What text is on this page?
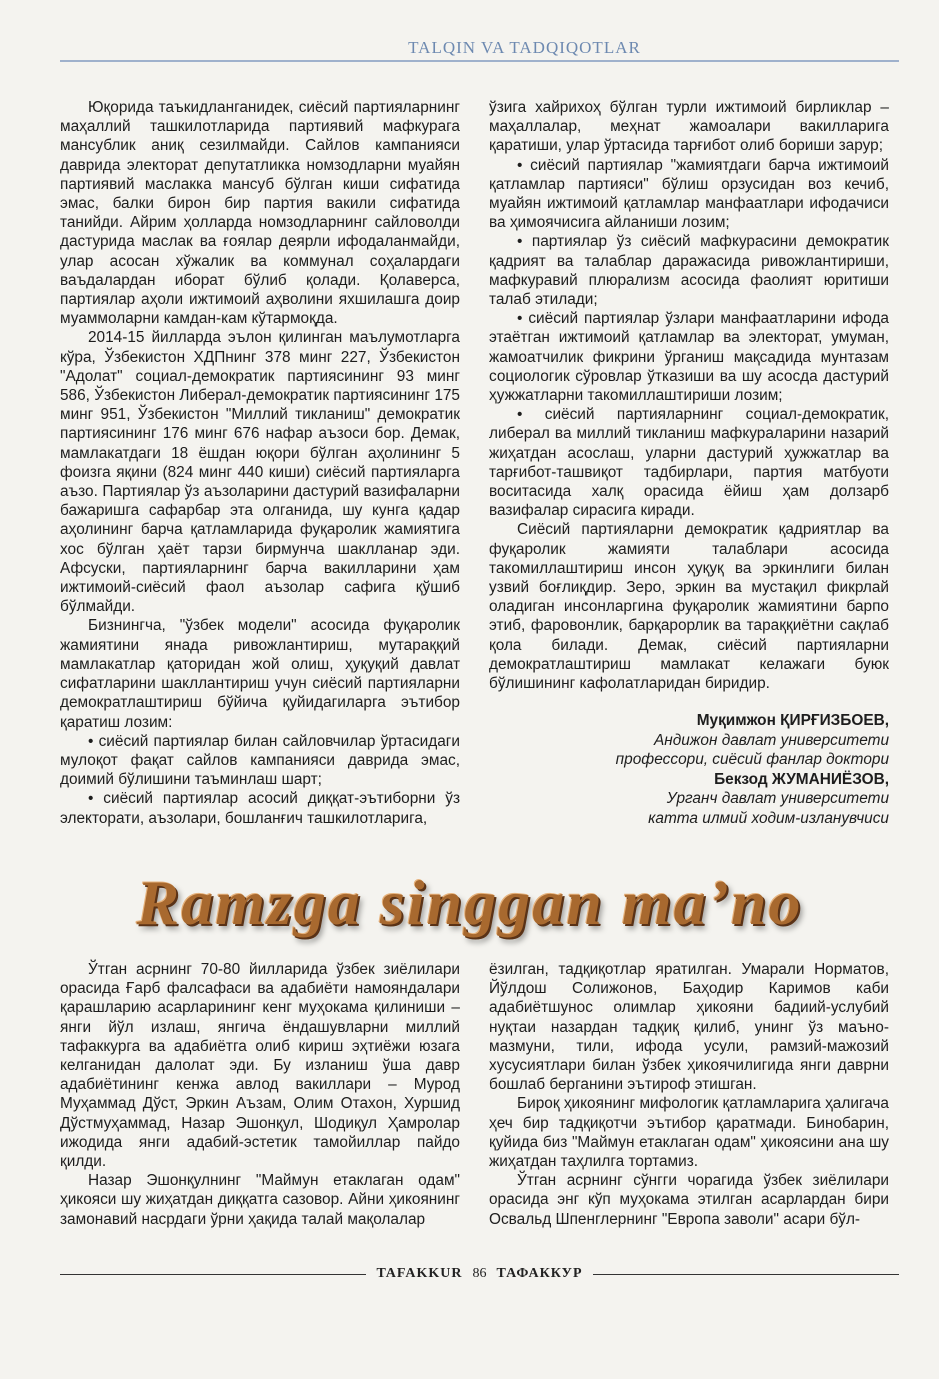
TALQIN VA TADQIQOTLAR

Юқорида таъкидланганидек, сиёсий партияларнинг маҳаллий ташкилотларида партиявий мафкурага мансублик аниқ сезилмайди. Сайлов кампанияси даврида электорат депутатликка номзодларни муайян партиявий маслакка мансуб бўлган киши сифатида эмас, балки бирон бир партия вакили сифатида танийди. Айрим ҳолларда номзодларнинг сайловолди дастурида маслак ва ғоялар деярли ифодаланмайди, улар асосан хўжалик ва коммунал соҳалардаги ваъдалардан иборат бўлиб қолади. Қолаверса, партиялар аҳоли ижтимоий аҳволини яхшилашга доир муаммоларни камдан-кам кўтармоқда.

2014-15 йилларда эълон қилинган маълумотларга кўра, Ўзбекистон ХДПнинг 378 минг 227, Ўзбекистон "Адолат" социал-демократик партиясининг 93 минг 586, Ўзбекистон Либерал-демократик партиясининг 175 минг 951, Ўзбекистон "Миллий тикланиш" демократик партиясининг 176 минг 676 нафар аъзоси бор. Демак, мамлакатдаги 18 ёшдан юқори бўлган аҳолининг 5 фоизга яқини (824 минг 440 киши) сиёсий партияларга аъзо. Партиялар ўз аъзоларини дастурий вазифаларни бажаришга сафарбар эта олганида, шу кунга қадар аҳолининг барча қатламларида фуқаролик жамиятига хос бўлган ҳаёт тарзи бирмунча шаклланар эди. Афсуски, партияларнинг барча вакилларини ҳам ижтимоий-сиёсий фаол аъзолар сафига қўшиб бўлмайди.

Бизнингча, "ўзбек модели" асосида фуқаролик жамиятини янада ривожлантириш, мутараққий мамлакатлар қаторидан жой олиш, ҳуқуқий давлат сифатларини шакллантириш учун сиёсий партияларни демократлаштириш бўйича қуйидагиларга эътибор қаратиш лозим:

• сиёсий партиялар билан сайловчилар ўртасидаги мулоқот фақат сайлов кампанияси даврида эмас, доимий бўлишини таъминлаш шарт;

• сиёсий партиялар асосий диққат-эътиборни ўз электорати, аъзолари, бошланғич ташкилотларига,

ўзига хайрихоҳ бўлган турли ижтимоий бирликлар – маҳаллалар, меҳнат жамоалари вакилларига қаратиши, улар ўртасида тарғибот олиб бориши зарур;

• сиёсий партиялар "жамиятдаги барча ижтимоий қатламлар партияси" бўлиш орзусидан воз кечиб, муайян ижтимоий қатламлар манфаатлари ифодачиси ва ҳимоячисига айланиши лозим;

• партиялар ўз сиёсий мафкурасини демократик қадрият ва талаблар даражасида ривожлантириши, мафкуравий плюрализм асосида фаолият юритиши талаб этилади;

• сиёсий партиялар ўзлари манфаатларини ифода этаётган ижтимоий қатламлар ва электорат, умуман, жамоатчилик фикрини ўрганиш мақсадида мунтазам социологик сўровлар ўтказиши ва шу асосда дастурий ҳужжатларни такомиллаштириши лозим;

• сиёсий партияларнинг социал-демократик, либерал ва миллий тикланиш мафкураларини назарий жиҳатдан асослаш, уларни дастурий ҳужжатлар ва тарғибот-ташвиқот тадбирлари, партия матбуоти воситасида халқ орасида ёйиш ҳам долзарб вазифалар сирасига киради.

Сиёсий партияларни демократик қадриятлар ва фуқаролик жамияти талаблари асосида такомиллаштириш инсон ҳуқуқ ва эркинлиги билан узвий боғлиқдир. Зеро, эркин ва мустақил фикрлай оладиган инсонларгина фуқаролик жамиятини барпо этиб, фаровонлик, барқарорлик ва тараққиётни сақлаб қола билади. Демак, сиёсий партияларни демократлаштириш мамлакат келажаги буюк бўлишининг кафолатларидан биридир.

Муқимжон ҚИРҒИЗБОЕВ,
Андижон давлат университети
профессори, сиёсий фанлар доктори
Бекзод ЖУМАНИЁЗОВ,
Урганч давлат университети
катта илмий ходим-изланувчиси
Ramzga singgan ma’no

Ўтган асрнинг 70-80 йилларида ўзбек зиёлилари орасида Ғарб фалсафаси ва адабиёти намояндалари қарашларию асарларининг кенг муҳокама қилиниши – янги йўл излаш, янгича ёндашувларни миллий тафаккурга ва адабиётга олиб кириш эҳтиёжи юзага келганидан далолат эди. Бу изланиш ўша давр адабиётининг кенжа авлод вакиллари – Мурод Муҳаммад Дўст, Эркин Аъзам, Олим Отахон, Хуршид Дўстмуҳаммад, Назар Эшонқул, Шодиқул Ҳамролар ижодида янги адабий-эстетик тамойиллар пайдо қилди.

Назар Эшонқулнинг "Маймун етаклаган одам" ҳикояси шу жиҳатдан диққатга сазовор. Айни ҳикоянинг замонавий насрдаги ўрни ҳақида талай мақолалар

ёзилган, тадқиқотлар яратилган. Умарали Норматов, Йўлдош Солижонов, Баҳодир Каримов каби адабиётшунос олимлар ҳикояни бадиий-услубий нуқтаи назардан тадқиқ қилиб, унинг ўз маъно-мазмуни, тили, ифода усули, рамзий-мажозий хусусиятлари билан ўзбек ҳикоячилигида янги даврни бошлаб берганини эътироф этишган.

Бироқ ҳикоянинг мифологик қатламларига ҳалигача ҳеч бир тадқиқотчи эътибор қаратмади. Бинобарин, қуйида биз "Маймун етаклаган одам" ҳикоясини ана шу жиҳатдан таҳлилга тортамиз.

Ўтган асрнинг сўнгги чорагида ўзбек зиёлилари орасида энг кўп муҳокама этилган асарлардан бири Освальд Шпенглернинг "Европа заволи" асари бўл-

TAFAKKUR 86 ТАФАККУР
